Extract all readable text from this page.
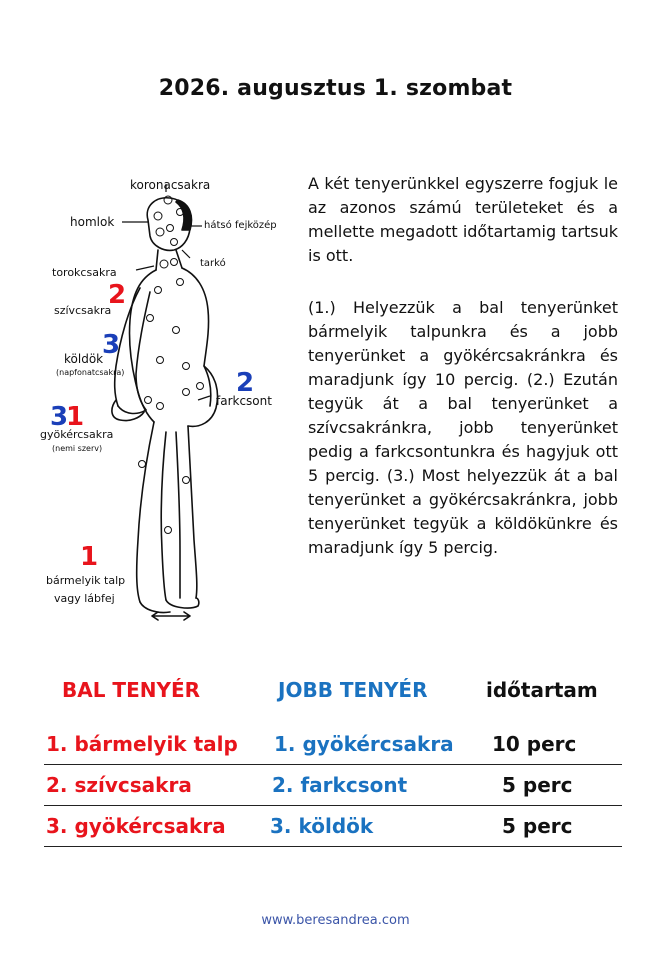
2026. augusztus 1. szombat
koronacsakra
homlok	hátsó fejközép
tarkó
torokcsakra
szívcsakra
2
3
köldök
(napfonatcsakra)	2
farkcsont
3
1
gyökércsakra
(nemi szerv)
1
bármelyik talp
vagy lábfej

A két tenyerünkkel egyszerre fogjuk le az azonos számú területeket és a mellette megadott időtartamig tartsuk is ott.

(1.) Helyezzük a bal tenyerünket bármelyik talpunkra és a jobb tenyerünket a gyökércsakránkra és maradjunk így 10 percig. (2.) Ezután tegyük át a bal tenyerünket a szívcsakránkra, jobb tenyerünket pedig a farkcsontunkra és hagyjuk ott 5 percig. (3.) Most helyezzük át a bal tenyerünket a gyökércsakránkra, jobb tenyerünket tegyük a köldökünkre és maradjunk így 5 percig.

BAL TENYÉR	JOBB TENYÉR	időtartam
1. bármelyik talp 1. gyökércsakra 10 perc
2. szívcsakra	2. farkcsont	5 perc
3. gyökércsakra 3. köldök	5 perc
www.beresandrea.com
